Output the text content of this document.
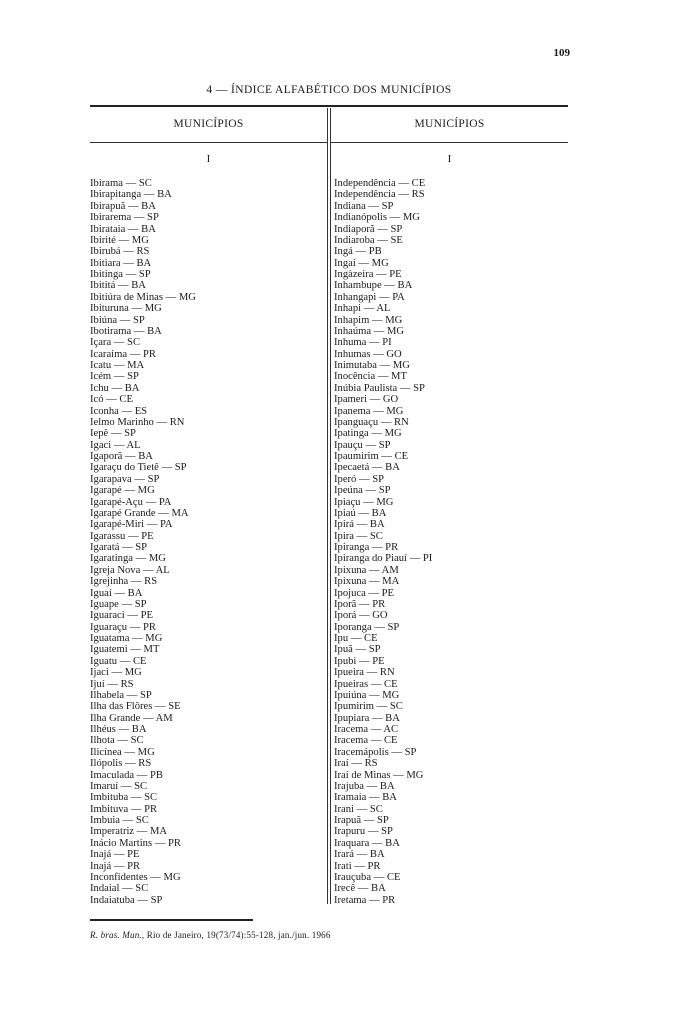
109
4 — ÍNDICE ALFABÉTICO DOS MUNICÍPIOS
MUNICÍPIOS	MUNICÍPIOS
I	I
Ibirama — SC
Ibirapitanga — BA
Ibirapuã — BA
Ibirarema — SP
Ibirataia — BA
Ibirité — MG
Ibirubá — RS
Ibitiara — BA
Ibitinga — SP
Ibititá — BA
Ibitiúra de Minas — MG
Ibituruna — MG
Ibiúna — SP
Ibotirama — BA
Içara — SC
Icaraima — PR
Icatu — MA
Icém — SP
Ichu — BA
Icó — CE
Iconha — ES
Ielmo Marinho — RN
Iepê — SP
Igaci — AL
Igaporã — BA
Igaraçu do Tietê — SP
Igarapava — SP
Igarapé — MG
Igarapé-Açu — PA
Igarapé Grande — MA
Igarapé-Miri — PA
Igarassu — PE
Igaratá — SP
Igaratinga — MG
Igreja Nova — AL
Igrejinha — RS
Iguaí — BA
Iguape — SP
Iguaraci — PE
Iguaraçu — PR
Iguatama — MG
Iguatemi — MT
Iguatu — CE
Ijaci — MG
Ijuí — RS
Ilhabela — SP
Ilha das Flôres — SE
Ilha Grande — AM
Ilhéus — BA
Ilhota — SC
Ilicínea — MG
Ilópolis — RS
Imaculada — PB
Imaruí — SC
Imbituba — SC
Imbituva — PR
Imbuia — SC
Imperatriz — MA
Inácio Martins — PR
Inajá — PE
Inajá — PR
Inconfidentes — MG
Indaial — SC
Indaiatuba — SP
Independência — CE
Independência — RS
Indiana — SP
Indianópolis — MG
Indiaporã — SP
Indiaroba — SE
Ingá — PB
Ingaí — MG
Ingàzeira — PE
Inhambupe — BA
Inhangapi — PA
Inhapi — AL
Inhapim — MG
Inhaúma — MG
Inhuma — PI
Inhumas — GO
Inimutaba — MG
Inocência — MT
Inúbia Paulista — SP
Ipameri — GO
Ipanema — MG
Ipanguaçu — RN
Ipatinga — MG
Ipauçu — SP
Ipaumirim — CE
Ipecaetá — BA
Iperó — SP
Ipeúna — SP
Ipiaçu — MG
Ipiaú — BA
Ipirá — BA
Ipira — SC
Ipiranga — PR
Ipiranga do Piauí — PI
Ipixuna — AM
Ipixuna — MA
Ipojuca — PE
Iporã — PR
Iporá — GO
Iporanga — SP
Ipu — CE
Ipuã — SP
Ipubi — PE
Ipueira — RN
Ipueiras — CE
Ipuiúna — MG
Ipumirim — SC
Ipupiara — BA
Iracema — AC
Iracema — CE
Iracemápolis — SP
Iraí — RS
Iraí de Minas — MG
Irajuba — BA
Iramaia — BA
Irani — SC
Irapuã — SP
Irapuru — SP
Iraquara — BA
Irará — BA
Irati — PR
Irauçuba — CE
Irecê — BA
Iretama — PR
R. bras. Mun., Rio de Janeiro, 19(73/74):55-128, jan./jun. 1966
